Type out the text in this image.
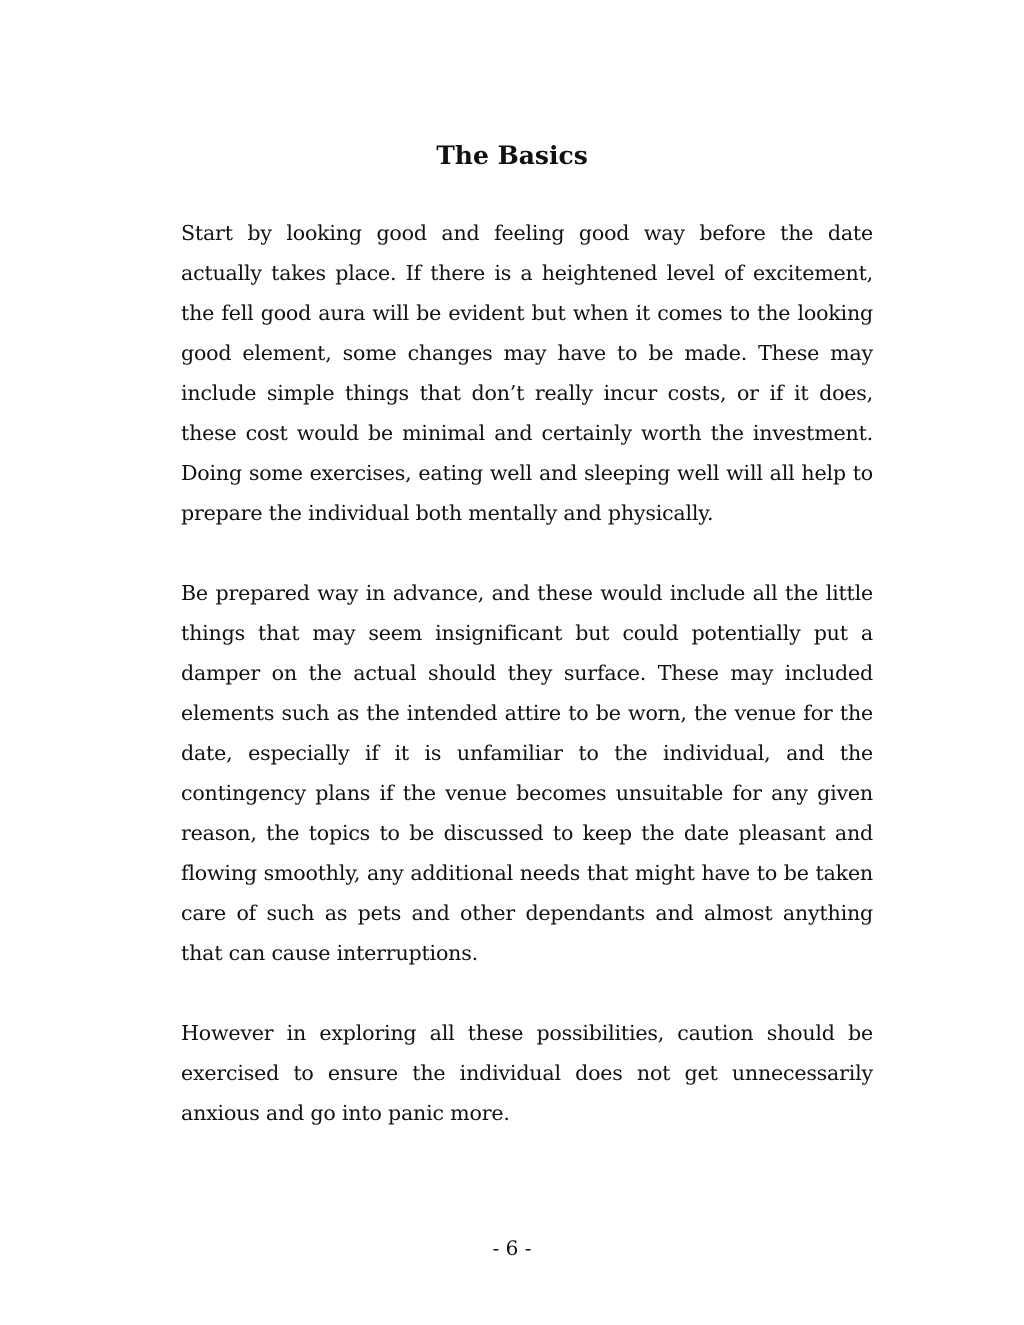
The Basics

Start by looking good and feeling good way before the date actually takes place. If there is a heightened level of excitement, the fell good aura will be evident but when it comes to the looking good element, some changes may have to be made. These may include simple things that don’t really incur costs, or if it does, these cost would be minimal and certainly worth the investment. Doing some exercises, eating well and sleeping well will all help to prepare the individual both mentally and physically.

Be prepared way in advance, and these would include all the little things that may seem insignificant but could potentially put a damper on the actual should they surface. These may included elements such as the intended attire to be worn, the venue for the date, especially if it is unfamiliar to the individual, and the contingency plans if the venue becomes unsuitable for any given reason, the topics to be discussed to keep the date pleasant and flowing smoothly, any additional needs that might have to be taken care of such as pets and other dependants and almost anything that can cause interruptions.

However in exploring all these possibilities, caution should be exercised to ensure the individual does not get unnecessarily anxious and go into panic more.

- 6 -
